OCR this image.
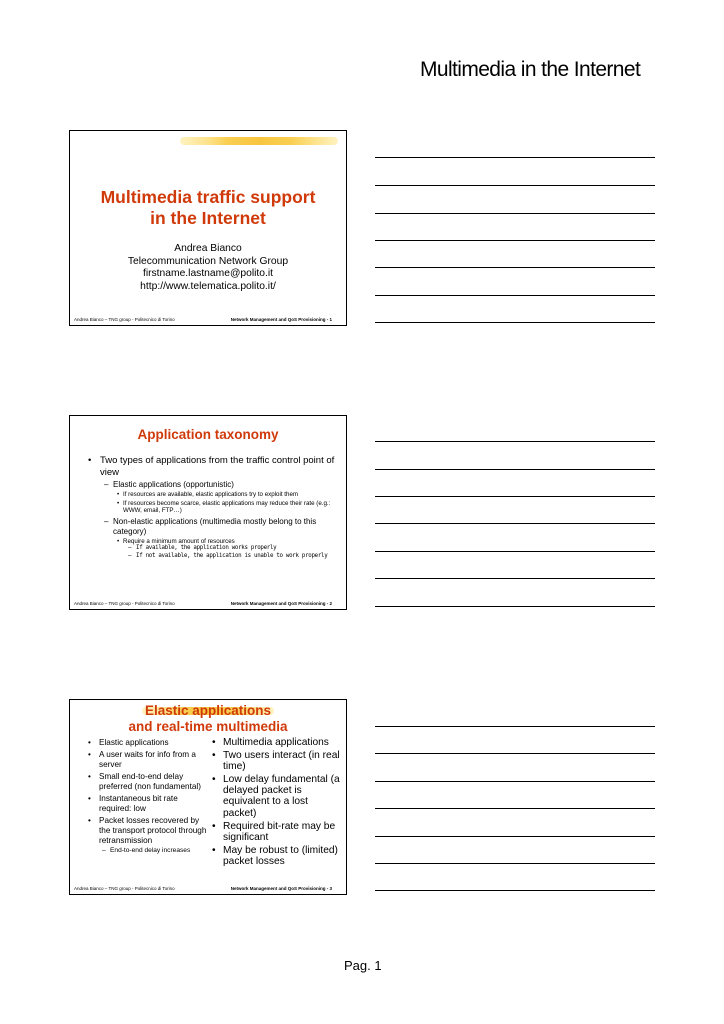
Multimedia in the Internet
Multimedia traffic support
in the Internet
Andrea Bianco
Telecommunication Network Group
firstname.lastname@polito.it
http://www.telematica.polito.it/
Andrea Bianco – TNG group - Politecnico di Torino	Network Management and QoS Provisioning - 1
Application taxonomy
• Two types of applications from the traffic control point of view
– Elastic applications (opportunistic)
• If resources are available, elastic applications try to exploit them
• If resources become scarce, elastic applications may reduce their rate (e.g.: WWW, email, FTP…)
– Non-elastic applications (multimedia mostly belong to this category)
• Require a minimum amount of resources
– If available, the application works properly
– If not available, the application is unable to work properly
Andrea Bianco – TNG group - Politecnico di Torino	Network Management and QoS Provisioning - 2
Elastic applications
and real-time multimedia
• Elastic applications
• A user waits for info from a server
• Small end-to-end delay preferred (non fundamental)
• Instantaneous bit rate required: low
• Packet losses recovered by the transport protocol through retransmission
– End-to-end delay increases
• Multimedia applications
• Two users interact (in real time)
• Low delay fundamental (a delayed packet is equivalent to a lost packet)
• Required bit-rate may be significant
• May be robust to (limited) packet losses
Andrea Bianco – TNG group - Politecnico di Torino	Network Management and QoS Provisioning - 3
Pag. 1
